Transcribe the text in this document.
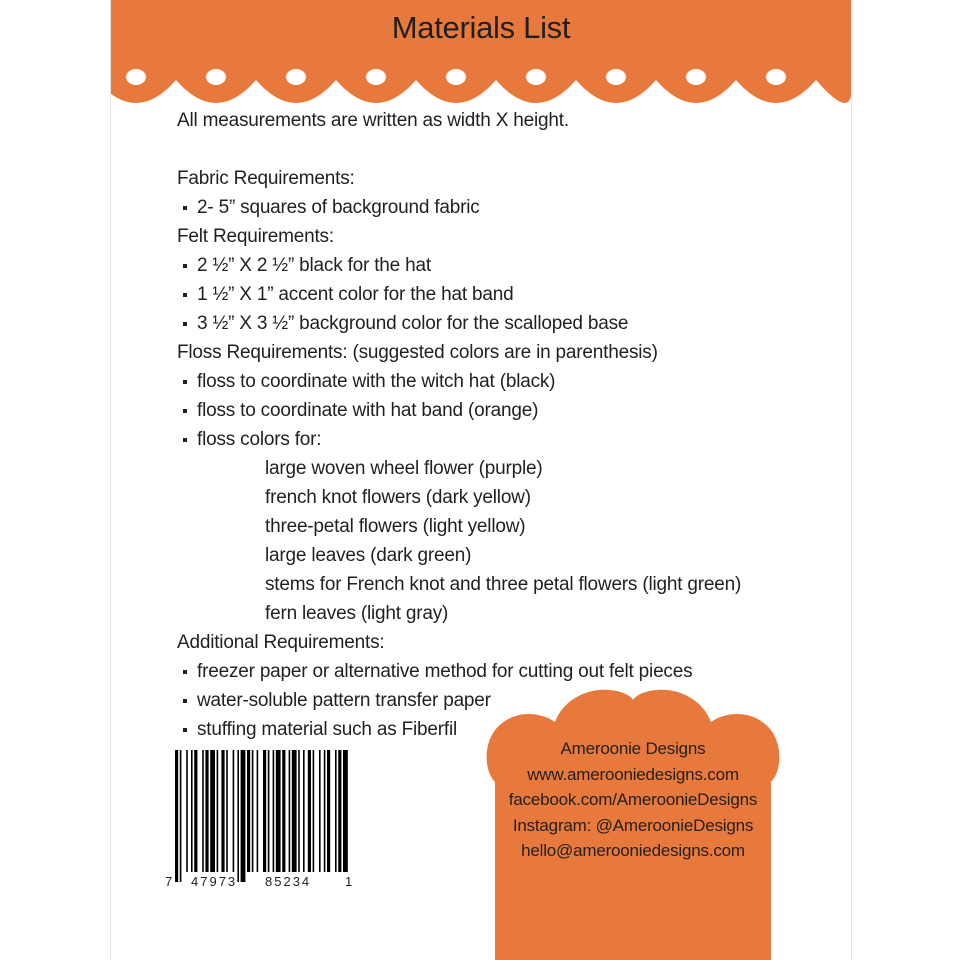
Materials List
All measurements are written as width X height.
Fabric Requirements:
2- 5” squares of background fabric
Felt Requirements:
2 ½” X 2 ½” black for the hat
1 ½” X 1” accent color for the hat band
3 ½” X 3 ½” background color for the scalloped base
Floss Requirements: (suggested colors are in parenthesis)
floss to coordinate with the witch hat (black)
floss to coordinate with hat band (orange)
floss colors for:
large woven wheel flower (purple)
french knot flowers (dark yellow)
three-petal flowers (light yellow)
large leaves (dark green)
stems for French knot and three petal flowers (light green)
fern leaves (light gray)
Additional Requirements:
freezer paper or alternative method for cutting out felt pieces
water-soluble pattern transfer paper
stuffing material such as Fiberfil
7 47973 85234	1
Ameroonie Designs
www.amerooniedesigns.com
facebook.com/AmeroonieDesigns
Instagram: @AmeroonieDesigns
hello@amerooniedesigns.com
